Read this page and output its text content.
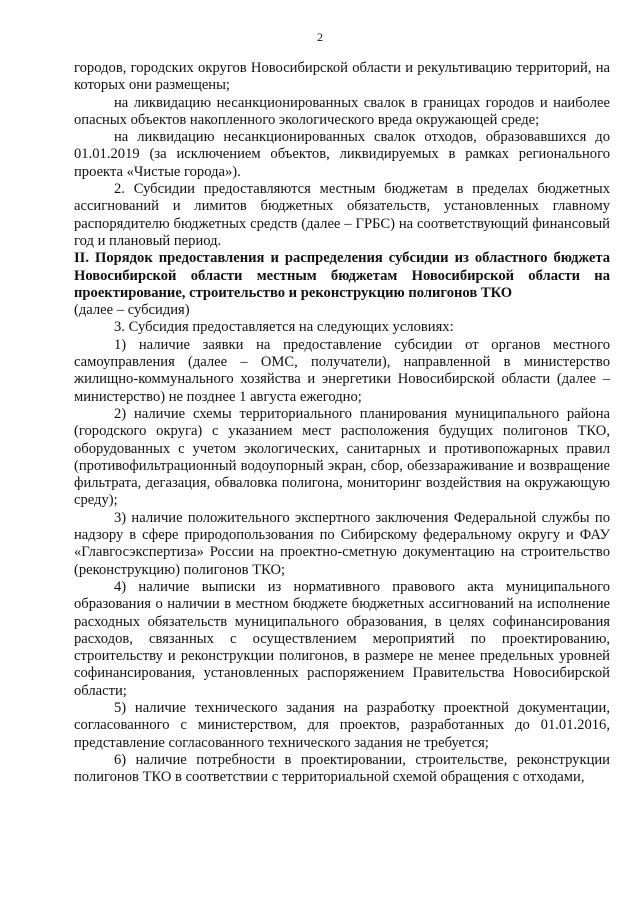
2

городов, городских округов Новосибирской области и рекультивацию территорий, на которых они размещены;

на ликвидацию несанкционированных свалок в границах городов и наиболее опасных объектов накопленного экологического вреда окружающей среде;

на ликвидацию несанкционированных свалок отходов, образовавшихся до 01.01.2019 (за исключением объектов, ликвидируемых в рамках регионального проекта «Чистые города»).

2. Субсидии предоставляются местным бюджетам в пределах бюджетных ассигнований и лимитов бюджетных обязательств, установленных главному распорядителю бюджетных средств (далее – ГРБС) на соответствующий финансовый год и плановый период.

II. Порядок предоставления и распределения субсидии из областного бюджета Новосибирской области местным бюджетам Новосибирской области на проектирование, строительство и реконструкцию полигонов ТКО

(далее – субсидия)

3. Субсидия предоставляется на следующих условиях:

1) наличие заявки на предоставление субсидии от органов местного самоуправления (далее – ОМС, получатели), направленной в министерство жилищно-коммунального хозяйства и энергетики Новосибирской области (далее – министерство) не позднее 1 августа ежегодно;

2) наличие схемы территориального планирования муниципального района (городского округа) с указанием мест расположения будущих полигонов ТКО, оборудованных с учетом экологических, санитарных и противопожарных правил (противофильтрационный водоупорный экран, сбор, обеззараживание и возвращение фильтрата, дегазация, обваловка полигона, мониторинг воздействия на окружающую среду);

3) наличие положительного экспертного заключения Федеральной службы по надзору в сфере природопользования по Сибирскому федеральному округу и ФАУ «Главгосэкспертиза» России на проектно-сметную документацию на строительство (реконструкцию) полигонов ТКО;

4) наличие выписки из нормативного правового акта муниципального образования о наличии в местном бюджете бюджетных ассигнований на исполнение расходных обязательств муниципального образования, в целях софинансирования расходов, связанных с осуществлением мероприятий по проектированию, строительству и реконструкции полигонов, в размере не менее предельных уровней софинансирования, установленных распоряжением Правительства Новосибирской области;

5) наличие технического задания на разработку проектной документации, согласованного с министерством, для проектов, разработанных до 01.01.2016, представление согласованного технического задания не требуется;

6) наличие потребности в проектировании, строительстве, реконструкции полигонов ТКО в соответствии с территориальной схемой обращения с отходами,
